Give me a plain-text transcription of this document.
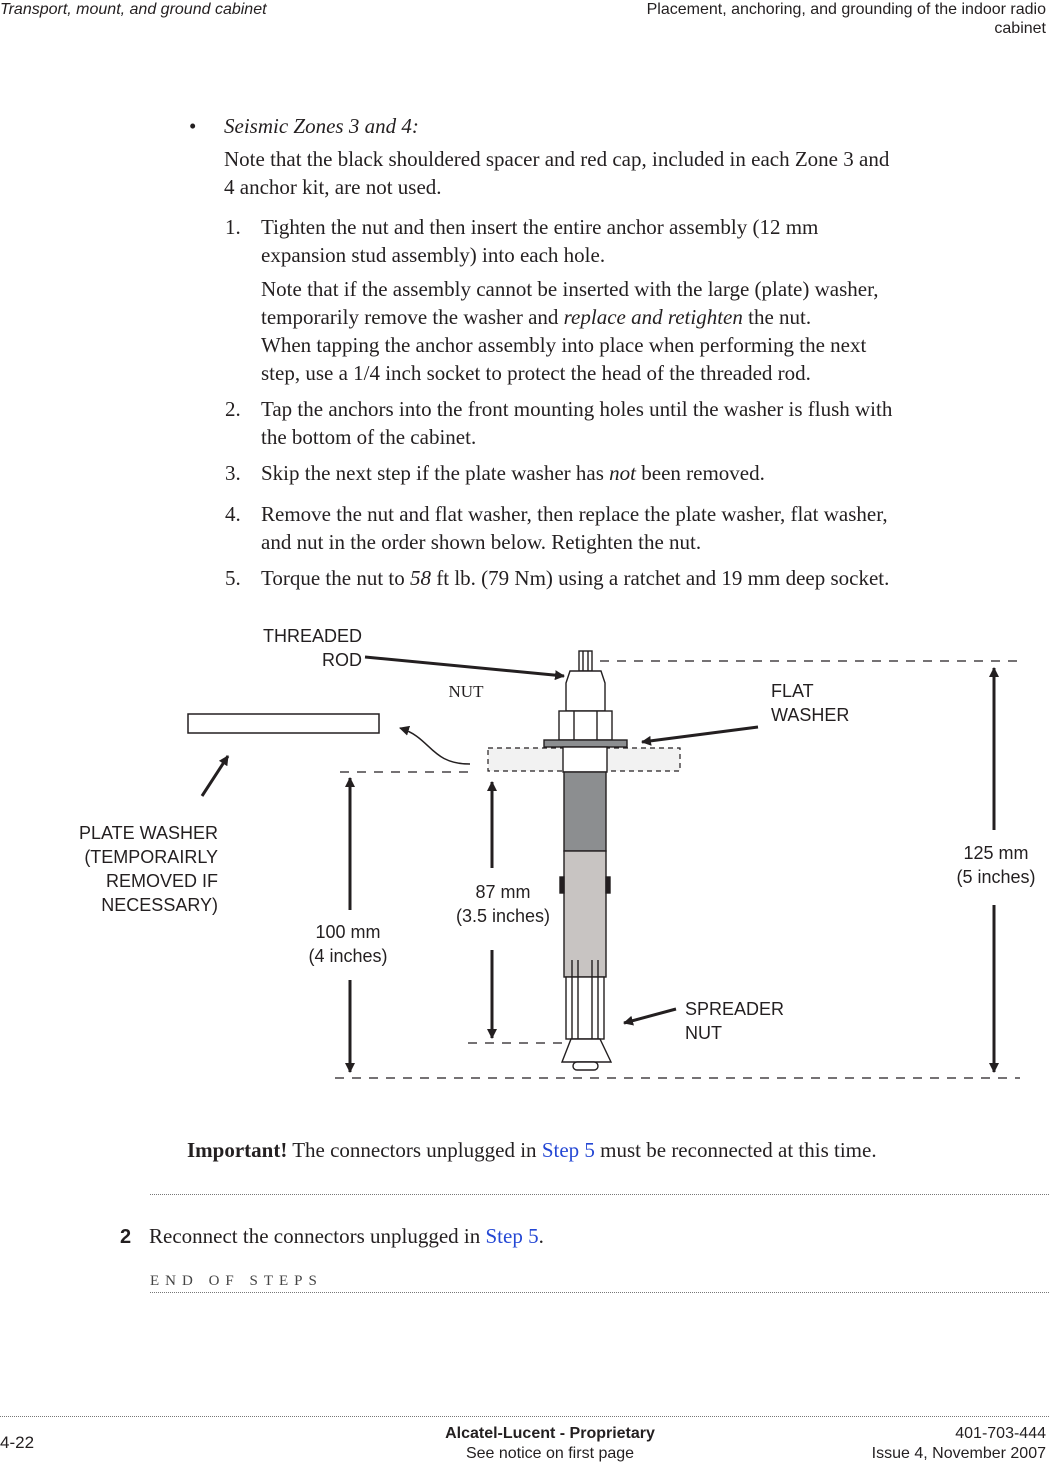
Transport, mount, and ground cabinet	Placement, anchoring, and grounding of the indoor radio
cabinet
• Seismic Zones 3 and 4:
Note that the black shouldered spacer and red cap, included in each Zone 3 and
4 anchor kit, are not used.
1. Tighten the nut and then insert the entire anchor assembly (12 mm
expansion stud assembly) into each hole.
Note that if the assembly cannot be inserted with the large (plate) washer,
temporarily remove the washer and replace and retighten the nut.
When tapping the anchor assembly into place when performing the next
step, use a 1/4 inch socket to protect the head of the threaded rod.
2. Tap the anchors into the front mounting holes until the washer is flush with
the bottom of the cabinet.
3. Skip the next step if the plate washer has not been removed.
4. Remove the nut and flat washer, then replace the plate washer, flat washer,
and nut in the order shown below. Retighten the nut.
5. Torque the nut to 58 ft lb. (79 Nm) using a ratchet and 19 mm deep socket.
THREADED
ROD
NUT	FLAT
WASHER
PLATE WASHER
(TEMPORAIRLY
REMOVED IF
NECESSARY)
100 mm
(4 inches)
87 mm
(3.5 inches)
125 mm
(5 inches)
SPREADER
NUT
Important! The connectors unplugged in Step 5 must be reconnected at this time.
2 Reconnect the connectors unplugged in Step 5.
END OF STEPS
4-22	Alcatel-Lucent - Proprietary
See notice on first page
401-703-444
Issue 4, November 2007
